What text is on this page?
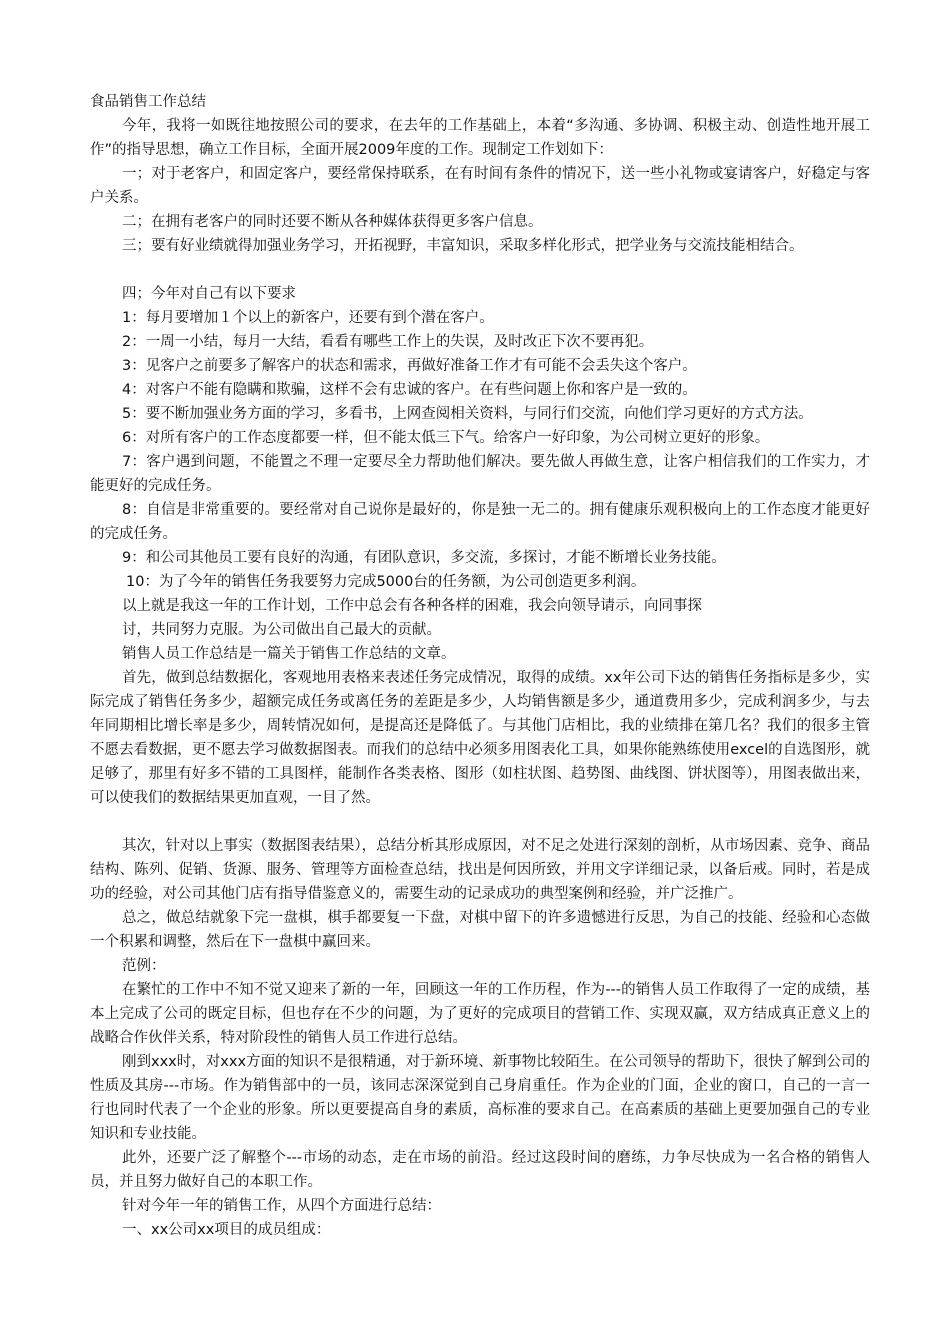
食品销售工作总结

今年，我将一如既往地按照公司的要求，在去年的工作基础上，本着“多沟通、多协调、积极主动、创造性地开展工作”的指导思想，确立工作目标，全面开展2009年度的工作。现制定工作划如下：

一；对于老客户，和固定客户，要经常保持联系，在有时间有条件的情况下，送一些小礼物或宴请客户，好稳定与客户关系。

二；在拥有老客户的同时还要不断从各种媒体获得更多客户信息。

三；要有好业绩就得加强业务学习，开拓视野，丰富知识，采取多样化形式，把学业务与交流技能相结合。

四；今年对自己有以下要求

1：每月要增加１个以上的新客户，还要有到个潜在客户。

2：一周一小结，每月一大结，看看有哪些工作上的失误，及时改正下次不要再犯。

3：见客户之前要多了解客户的状态和需求，再做好准备工作才有可能不会丢失这个客户。

4：对客户不能有隐瞒和欺骗，这样不会有忠诚的客户。在有些问题上你和客户是一致的。

5：要不断加强业务方面的学习，多看书，上网查阅相关资料，与同行们交流，向他们学习更好的方式方法。

6：对所有客户的工作态度都要一样，但不能太低三下气。给客户一好印象，为公司树立更好的形象。

7：客户遇到问题，不能置之不理一定要尽全力帮助他们解决。要先做人再做生意，让客户相信我们的工作实力，才能更好的完成任务。

8：自信是非常重要的。要经常对自己说你是最好的，你是独一无二的。拥有健康乐观积极向上的工作态度才能更好的完成任务。

9：和公司其他员工要有良好的沟通，有团队意识，多交流，多探讨，才能不断增长业务技能。

10：为了今年的销售任务我要努力完成5000台的任务额，为公司创造更多利润。

以上就是我这一年的工作计划，工作中总会有各种各样的困难，我会向领导请示，向同事探

讨，共同努力克服。为公司做出自己最大的贡献。

销售人员工作总结是一篇关于销售工作总结的文章。

首先，做到总结数据化，客观地用表格来表述任务完成情况，取得的成绩。xx年公司下达的销售任务指标是多少，实际完成了销售任务多少，超额完成任务或离任务的差距是多少，人均销售额是多少，通道费用多少，完成利润多少，与去年同期相比增长率是多少，周转情况如何，是提高还是降低了。与其他门店相比，我的业绩排在第几名？我们的很多主管不愿去看数据，更不愿去学习做数据图表。而我们的总结中必须多用图表化工具，如果你能熟练使用excel的自选图形，就足够了，那里有好多不错的工具图样，能制作各类表格、图形（如柱状图、趋势图、曲线图、饼状图等），用图表做出来，可以使我们的数据结果更加直观，一目了然。

其次，针对以上事实（数据图表结果），总结分析其形成原因，对不足之处进行深刻的剖析，从市场因素、竞争、商品结构、陈列、促销、货源、服务、管理等方面检查总结，找出是何因所致，并用文字详细记录，以备后戒。同时，若是成功的经验，对公司其他门店有指导借鉴意义的，需要生动的记录成功的典型案例和经验，并广泛推广。

总之，做总结就象下完一盘棋，棋手都要复一下盘，对棋中留下的许多遗憾进行反思，为自己的技能、经验和心态做一个积累和调整，然后在下一盘棋中赢回来。

范例：

在繁忙的工作中不知不觉又迎来了新的一年，回顾这一年的工作历程，作为---的销售人员工作取得了一定的成绩，基本上完成了公司的既定目标，但也存在不少的问题，为了更好的完成项目的营销工作、实现双赢，双方结成真正意义上的战略合作伙伴关系，特对阶段性的销售人员工作进行总结。

刚到xxx时，对xxx方面的知识不是很精通，对于新环境、新事物比较陌生。在公司领导的帮助下，很快了解到公司的性质及其房---市场。作为销售部中的一员，该同志深深觉到自己身肩重任。作为企业的门面，企业的窗口，自己的一言一行也同时代表了一个企业的形象。所以更要提高自身的素质，高标准的要求自己。在高素质的基础上更要加强自己的专业知识和专业技能。

此外，还要广泛了解整个---市场的动态，走在市场的前沿。经过这段时间的磨练，力争尽快成为一名合格的销售人员，并且努力做好自己的本职工作。

针对今年一年的销售工作，从四个方面进行总结：

一、xx公司xx项目的成员组成：
